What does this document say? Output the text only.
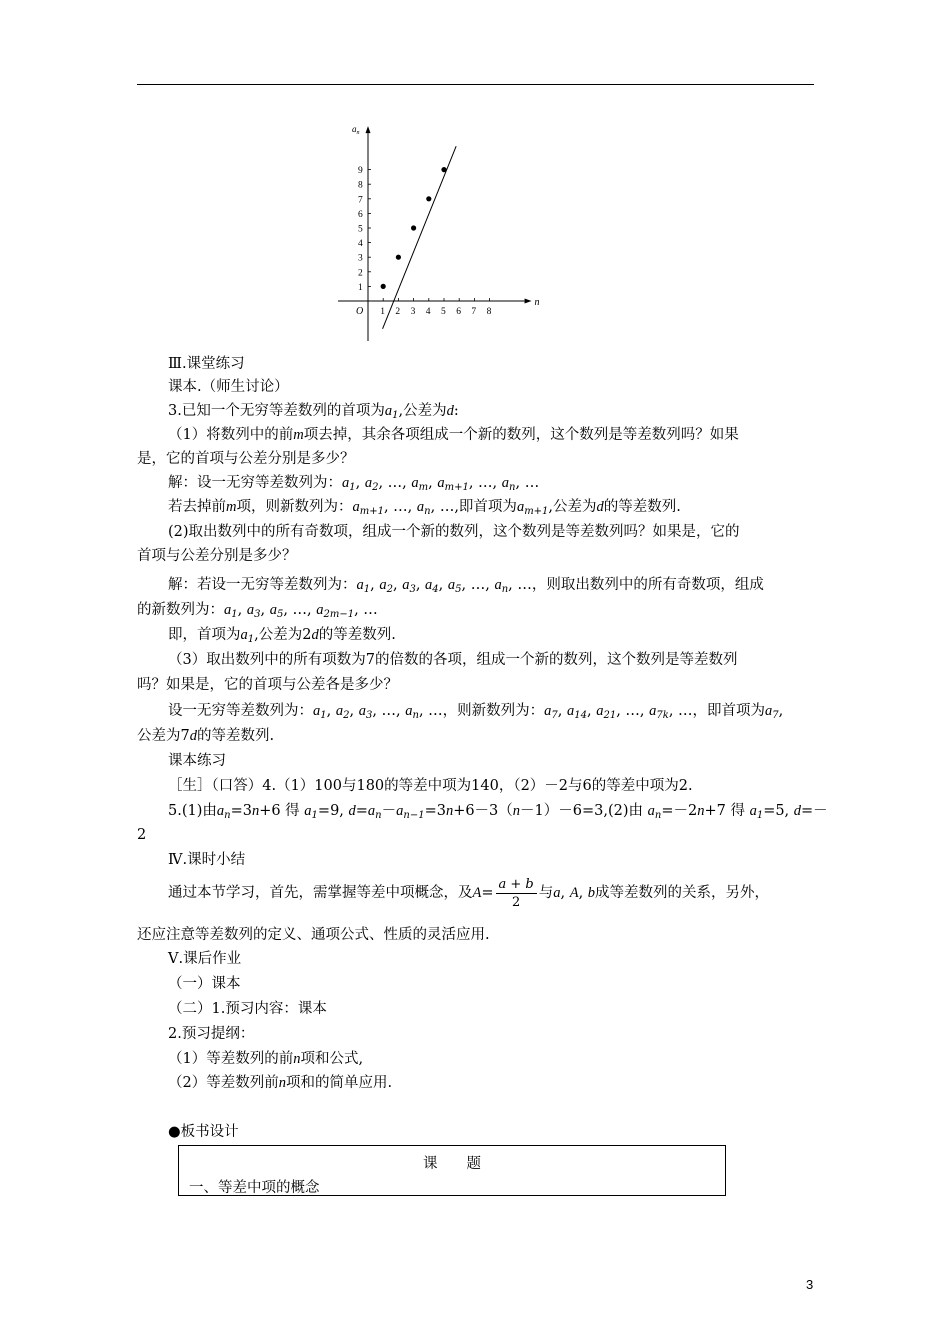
n
$a_n$
O 1 2 3 4 5 6 7 8
1
2
3
4
5
6
7
8
9
Ⅲ.课堂练习
课本.（师生讨论）
3.已知一个无穷等差数列的首项为$a_1$,公差为d:
（1）将数列中的前m项去掉，其余各项组成一个新的数列，这个数列是等差数列吗？如果
是，它的首项与公差分别是多少？
解：设一无穷等差数列为：$a_1$, $a_2$, …, $a_m$, $a_{m+1}$, …, $a_n$, …
若去掉前m项，则新数列为：$a_{m+1}$, …, $a_n$, …,即首项为$a_{m+1}$,公差为d的等差数列.
(2)取出数列中的所有奇数项，组成一个新的数列，这个数列是等差数列吗？如果是，它的
首项与公差分别是多少？
解：若设一无穷等差数列为：$a_1$, $a_2$, $a_3$, $a_4$, $a_5$, …, $a_n$, …，则取出数列中的所有奇数项，组成
的新数列为：$a_1$, $a_3$, $a_5$, …, $a_{2m-1}$, …
即，首项为$a_1$,公差为2d的等差数列.
（3）取出数列中的所有项数为7的倍数的各项，组成一个新的数列，这个数列是等差数列
吗？如果是，它的首项与公差各是多少？
设一无穷等差数列为：$a_1$, $a_2$, $a_3$, …, $a_n$, …，则新数列为：$a_7$, $a_{14}$, $a_{21}$, …, $a_{7k}$, …，即首项为$a_7$,
公差为7d的等差数列.
课本练习
［生］（口答）4.（1）100与180的等差中项为140，（2）－2与6的等差中项为2.
5.(1)由$a_n=3n+6$ 得 $a_1=9$, $d=a_n-a_{n-1}=3n+6-3(n-1)-6=3,(2)$由 $a_n=-2n+7$ 得 $a_1=5$, d=－
2
Ⅳ.课时小结
通过本节学习，首先，需掌握等差中项概念，及$A= \frac{a + b}{2}$ 与a, A, b成等差数列的关系，另外，
还应注意等差数列的定义、通项公式、性质的灵活应用.
Ⅴ.课后作业
（一）课本
（二）1.预习内容：课本
2.预习提纲：
（1）等差数列的前n项和公式,
（2）等差数列前n项和的简单应用.
●板书设计
课　　题
一、等差中项的概念
3
